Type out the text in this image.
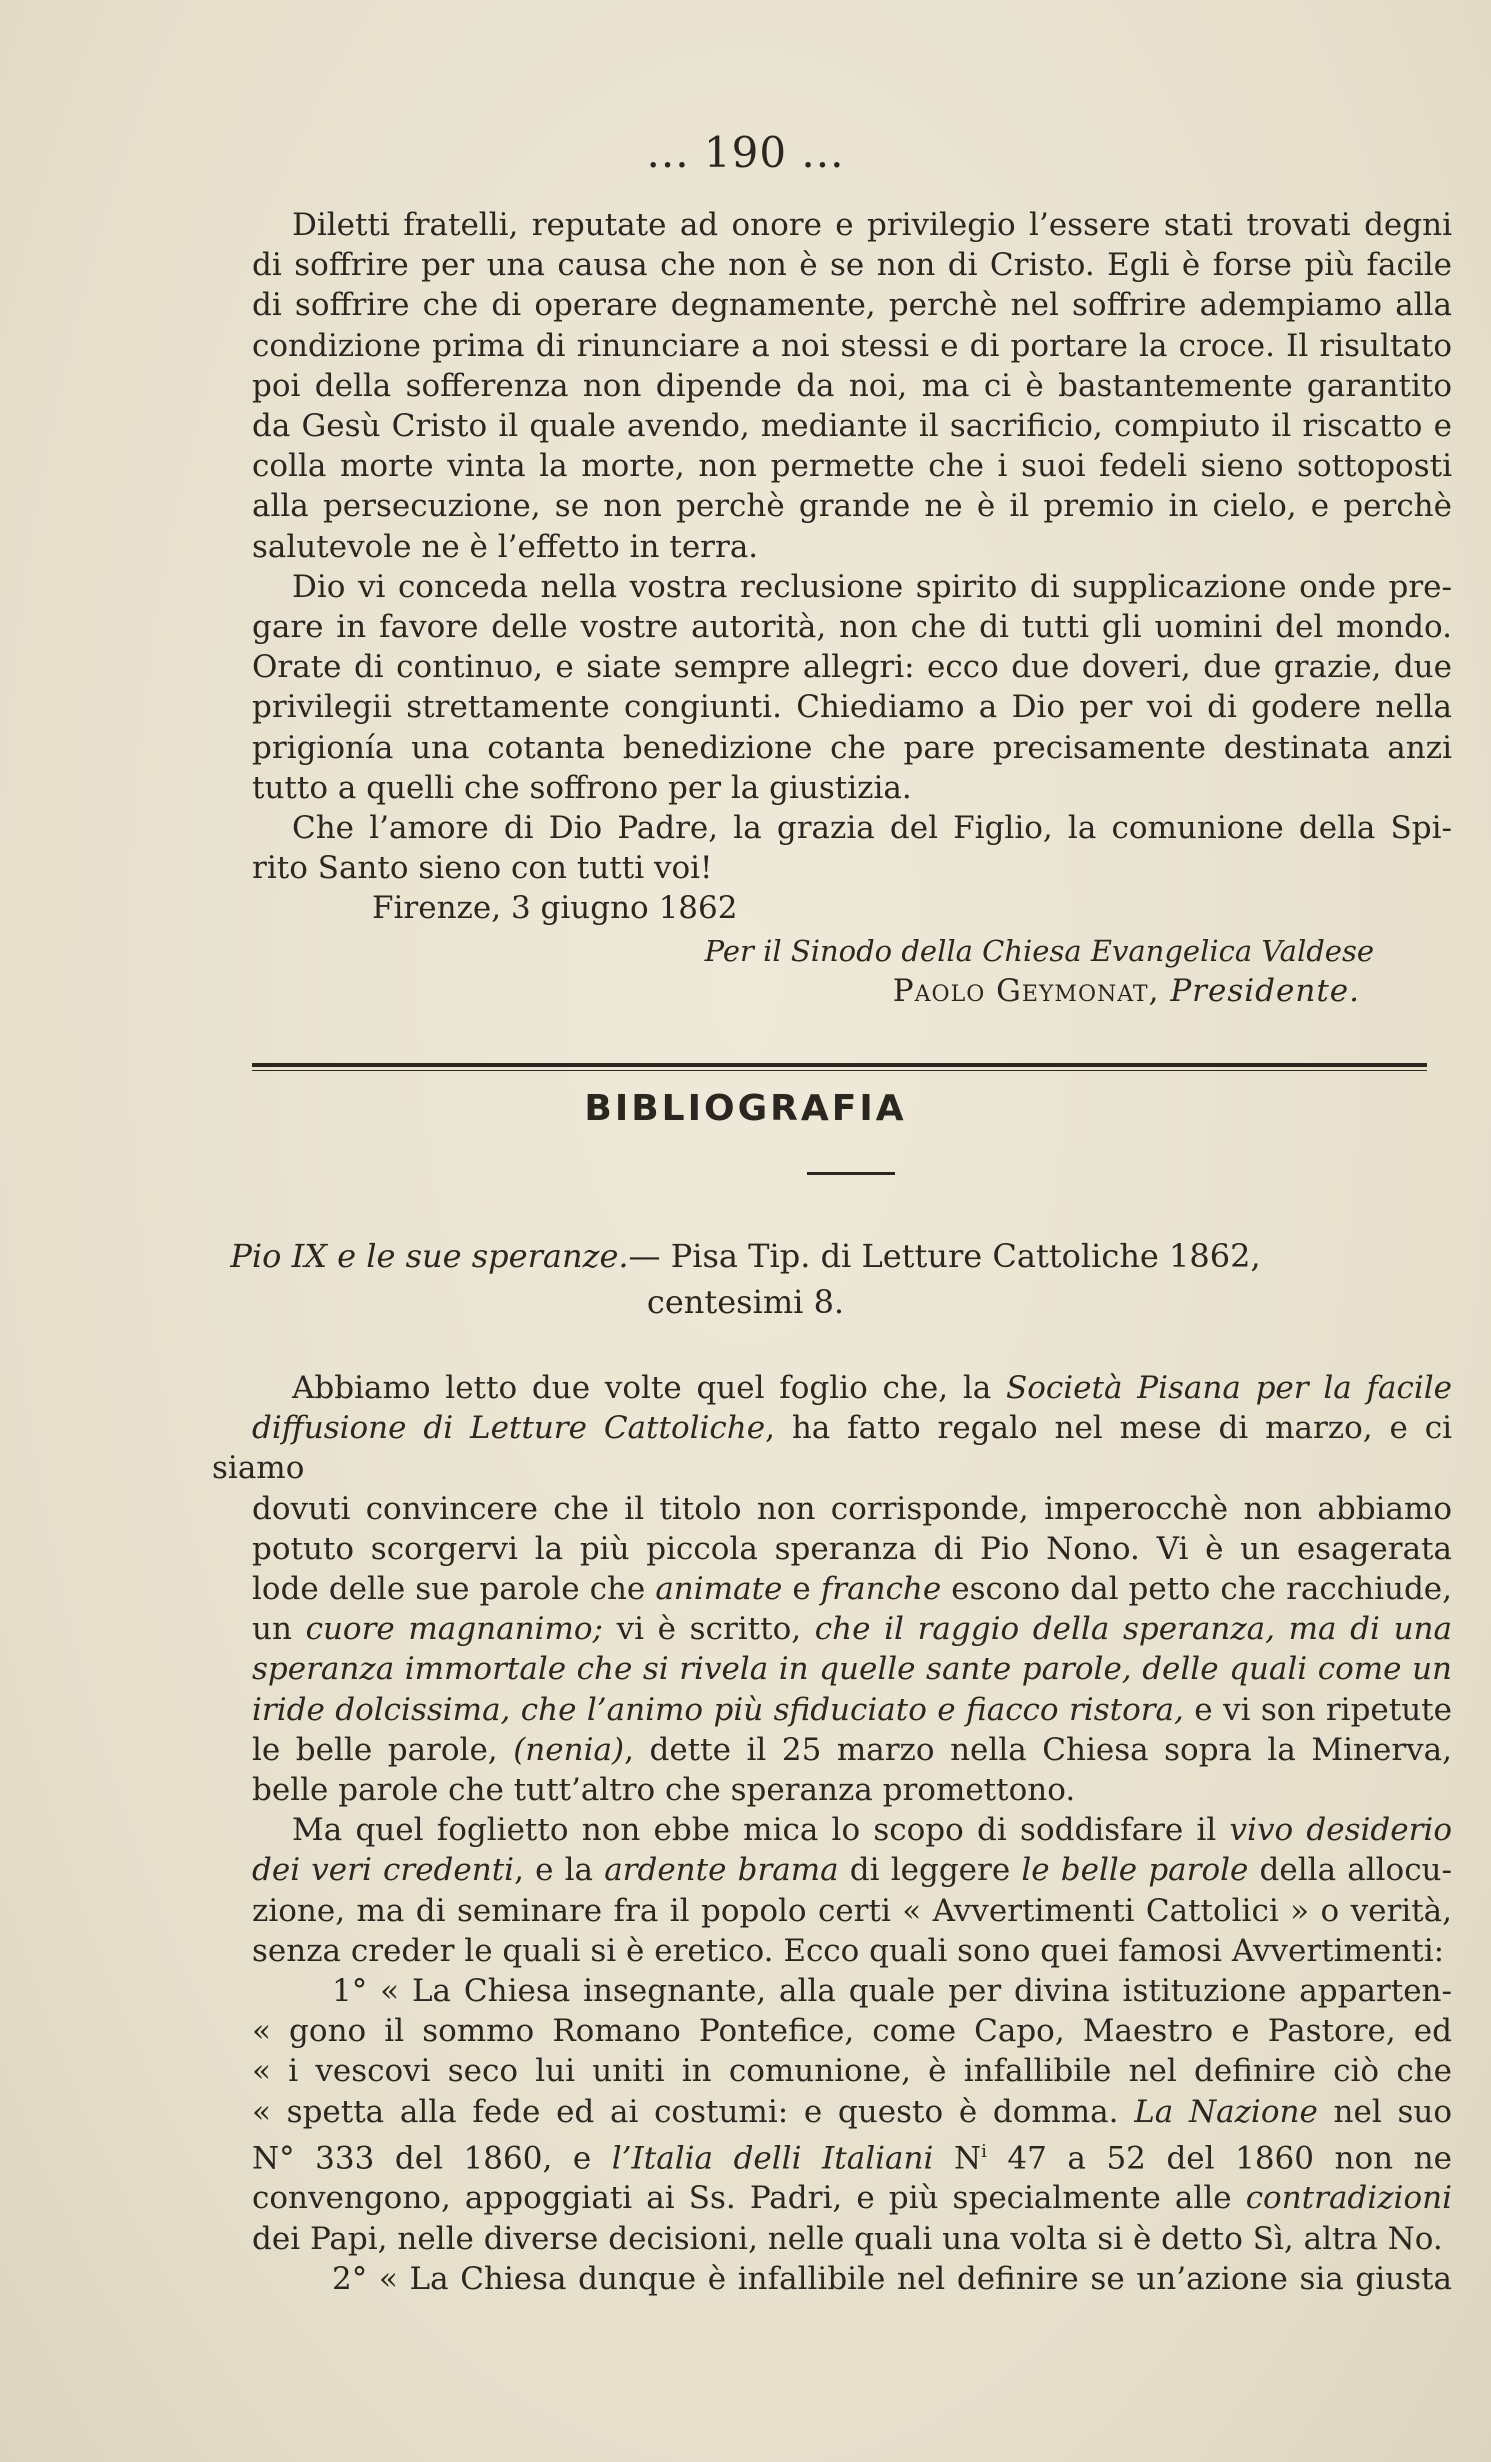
... 190 ...

Diletti fratelli, reputate ad onore e privilegio l’essere stati trovati degni
di soffrire per una causa che non è se non di Cristo. Egli è forse più facile
di soffrire che di operare degnamente, perchè nel soffrire adempiamo alla
condizione prima di rinunciare a noi stessi e di portare la croce. Il risultato
poi della sofferenza non dipende da noi, ma ci è bastantemente garantito
da Gesù Cristo il quale avendo, mediante il sacrificio, compiuto il riscatto e
colla morte vinta la morte, non permette che i suoi fedeli sieno sottoposti
alla persecuzione, se non perchè grande ne è il premio in cielo, e perchè
salutevole ne è l’effetto in terra.

Dio vi conceda nella vostra reclusione spirito di supplicazione onde pre-
gare in favore delle vostre autorità, non che di tutti gli uomini del mondo.
Orate di continuo, e siate sempre allegri: ecco due doveri, due grazie, due
privilegii strettamente congiunti. Chiediamo a Dio per voi di godere nella
prigionía una cotanta benedizione che pare precisamente destinata anzi
tutto a quelli che soffrono per la giustizia.

Che l’amore di Dio Padre, la grazia del Figlio, la comunione della Spi-
rito Santo sieno con tutti voi!

Firenze, 3 giugno 1862

Per il Sinodo della Chiesa Evangelica Valdese
Paolo Geymonat, Presidente.
BIBLIOGRAFIA
Pio IX e le sue speranze.— Pisa Tip. di Letture Cattoliche 1862,
centesimi 8.

Abbiamo letto due volte quel foglio che, la Società Pisana per la facile
diffusione di Letture Cattoliche, ha fatto regalo nel mese di marzo, e ci siamo
dovuti convincere che il titolo non corrisponde, imperocchè non abbiamo
potuto scorgervi la più piccola speranza di Pio Nono. Vi è un esagerata
lode delle sue parole che animate e franche escono dal petto che racchiude,
un cuore magnanimo; vi è scritto, che il raggio della speranza, ma di una
speranza immortale che si rivela in quelle sante parole, delle quali come un
iride dolcissima, che l’animo più sfiduciato e fiacco ristora, e vi son ripetute
le belle parole, (nenia), dette il 25 marzo nella Chiesa sopra la Minerva,
belle parole che tutt’altro che speranza promettono.

Ma quel foglietto non ebbe mica lo scopo di soddisfare il vivo desiderio
dei veri credenti, e la ardente brama di leggere le belle parole della allocu-
zione, ma di seminare fra il popolo certi « Avvertimenti Cattolici » o verità,
senza creder le quali si è eretico. Ecco quali sono quei famosi Avvertimenti:

1° « La Chiesa insegnante, alla quale per divina istituzione apparten-
« gono il sommo Romano Pontefice, come Capo, Maestro e Pastore, ed
« i vescovi seco lui uniti in comunione, è infallibile nel definire ciò che
« spetta alla fede ed ai costumi: e questo è domma. La Nazione nel suo
N° 333 del 1860, e l’Italia delli Italiani $N^i$ 47 a 52 del 1860 non ne
convengono, appoggiati ai Ss. Padri, e più specialmente alle contradizioni
dei Papi, nelle diverse decisioni, nelle quali una volta si è detto Sì, altra No.

2° « La Chiesa dunque è infallibile nel definire se un’azione sia giusta
